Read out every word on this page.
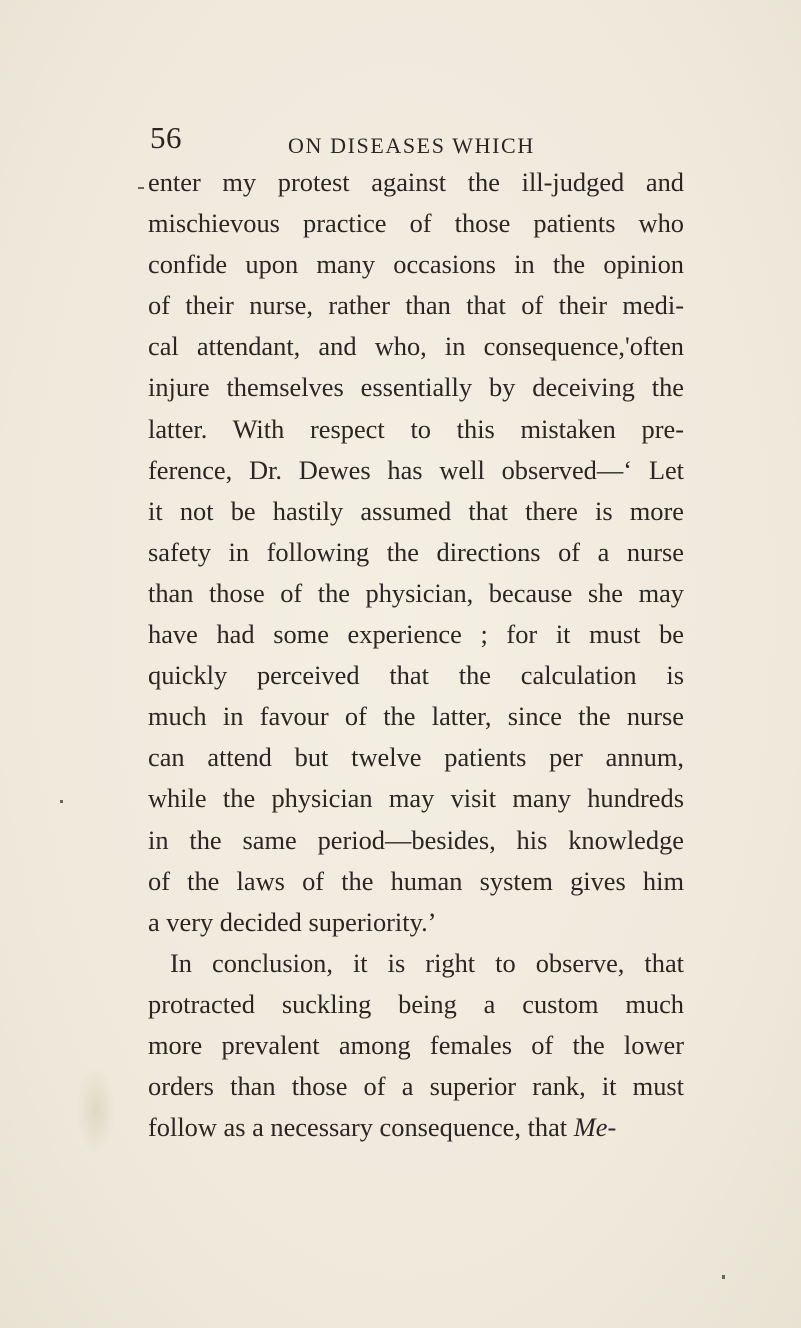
56	ON DISEASES WHICH
enter my protest against the ill-judged and
mischievous practice of those patients who
confide upon many occasions in the opinion
of their nurse, rather than that of their medi-
cal attendant, and who, in consequence,'often
injure themselves essentially by deceiving the
latter. With respect to this mistaken pre-
ference, Dr. Dewes has well observed—‘ Let
it not be hastily assumed that there is more
safety in following the directions of a nurse
than those of the physician, because she may
have had some experience ; for it must be
quickly perceived that the calculation is
much in favour of the latter, since the nurse
can attend but twelve patients per annum,
while the physician may visit many hundreds
in the same period—besides, his knowledge
of the laws of the human system gives him
a very decided superiority.’
In conclusion, it is right to observe, that
protracted suckling being a custom much
more prevalent among females of the lower
orders than those of a superior rank, it must
follow as a necessary consequence, that Me-
